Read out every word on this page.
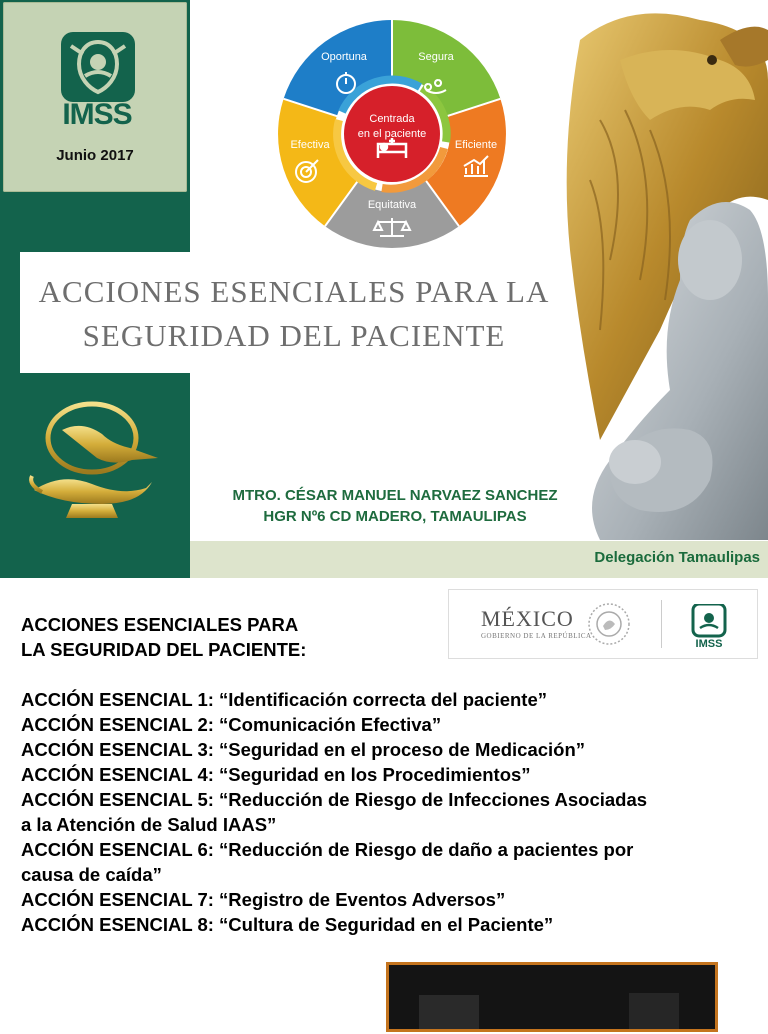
IMSS
Junio 2017
Centrada
en el paciente
Oportuna	Segura
Eficiente
Equitativa
Efectiva
ACCIONES ESENCIALES PARA LA
SEGURIDAD DEL PACIENTE
MTRO. CÉSAR MANUEL NARVAEZ SANCHEZ
HGR Nº6 CD MADERO, TAMAULIPAS
Delegación Tamaulipas
ACCIONES ESENCIALES PARA
LA SEGURIDAD DEL PACIENTE:
MÉXICO
GOBIERNO DE LA REPÚBLICA
IMSS
ACCIÓN ESENCIAL 1: “Identificación correcta del paciente”
ACCIÓN ESENCIAL 2: “Comunicación Efectiva”
ACCIÓN ESENCIAL 3: “Seguridad en el proceso de Medicación”
ACCIÓN ESENCIAL 4: “Seguridad en los Procedimientos”
ACCIÓN ESENCIAL 5: “Reducción de Riesgo de Infecciones Asociadas
a la Atención de Salud IAAS”
ACCIÓN ESENCIAL 6: “Reducción de Riesgo de daño a pacientes por
causa de caída”
ACCIÓN ESENCIAL 7: “Registro de Eventos Adversos”
ACCIÓN ESENCIAL 8: “Cultura de Seguridad en el Paciente”
